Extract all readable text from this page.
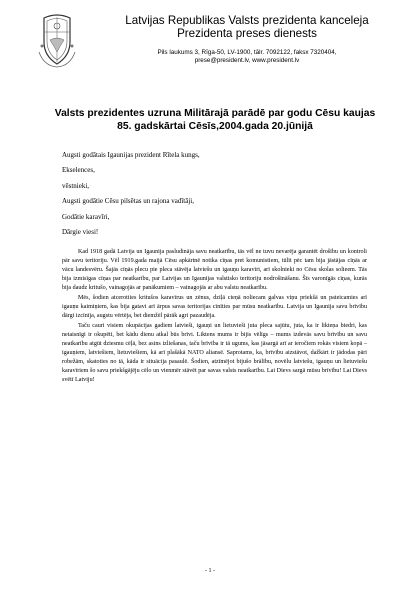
Latvijas Republikas Valsts prezidenta kanceleja
Prezidenta preses dienests
Pils laukums 3, Rīga-50, LV-1900, tālr. 7092122, faksx 7320404,
prese@president.lv, www.president.lv
Valsts prezidentes uzruna Militārajā parādē par godu Cēsu kaujas 85. gadskārtai Cēsīs,2004.gada 20.jūnijā
Augsti godātais Igaunijas prezident Rītela kungs,
Ekselences,
vēstnieki,
Augsti godātie Cēsu pilsētas un rajona vadītāji,
Godātie karavīri,
Dārgie viesi!

Kad 1918 gadā Latvija un Igaunija pasludināja savu neatkarību, tās vēl ne tuvu nevarēja garantēt drošību un kontroli pār savu teritoriju. Vēl 1919.gada maijā Cēsu apkārtnē notika cīņas pret komunistiem, tūlīt pēc tam bija jāstājas cīņās ar vācu landesvēru. Šajās cīņās plecu pie pleca stāvēja latviešu un igauņu karavīri, arī skolnieki no Cēsu skolas solieem. Tās bija izmisīgas cīņas par neatkarību, par Latvijas un Igaunijas valstisko teritoriju nodrošināšanu. Šīs varonīgās cīņas, kurās bija daudz kritušo, vainagojās ar panākumiem – vainagojās ar abu valstu neatkarību.

Mēs, šodien atcerotiies kritušos karavīrus un zēnus, dziļā cieņā noliecam galvas viņu priekšā un pateicamies arī igauņu kaimiņiem, kas bija gatavi arī ārpus savas teritorijas cīnīties par mūsu neatkarību. Latvija un Igaunija savu brīvību dārgi izcīnīja, augstu vērtēja, bet diemžēl pārāk agri pazaudēja.

Taču cauri visiem okupācijas gadiem latvieši, igauņi un lietuvieši juta pleca sajūtu, juta, ka ir likteņa biedri, kas netaisnīgi ir okupēti, bet kādu dienu atkal būs brīvi. Liktens mums ir bijis vēlīgs – mums izdevās savu brīvību un savu neatkarību atgūt dziesmu cēļā, bez asins izliešanas, taču brīvība ir tā ugums, kas jāsargā arī ar ieročiem rokās visiem kopā – igauņiem, latviešiem, lietuviešiem, kā arī plašākā NATO aliansē. Saprotams, ka, brīvību aizstāvot, dažkārt ir jādodas pāri robežām, skatoties no tā, kāda ir situācija pasaulē. Šodien, atzīmējot bijušo brālību, novēlu latviešu, igauņu un lietuviešu karavīriem šo savu priekšgājēju cēlo un vienmēr stāvēt par savas valsts neatkarību. Lai Dievs sargā mūsu brīvību! Lai Dievs svētī Latviju!

- 1 -
